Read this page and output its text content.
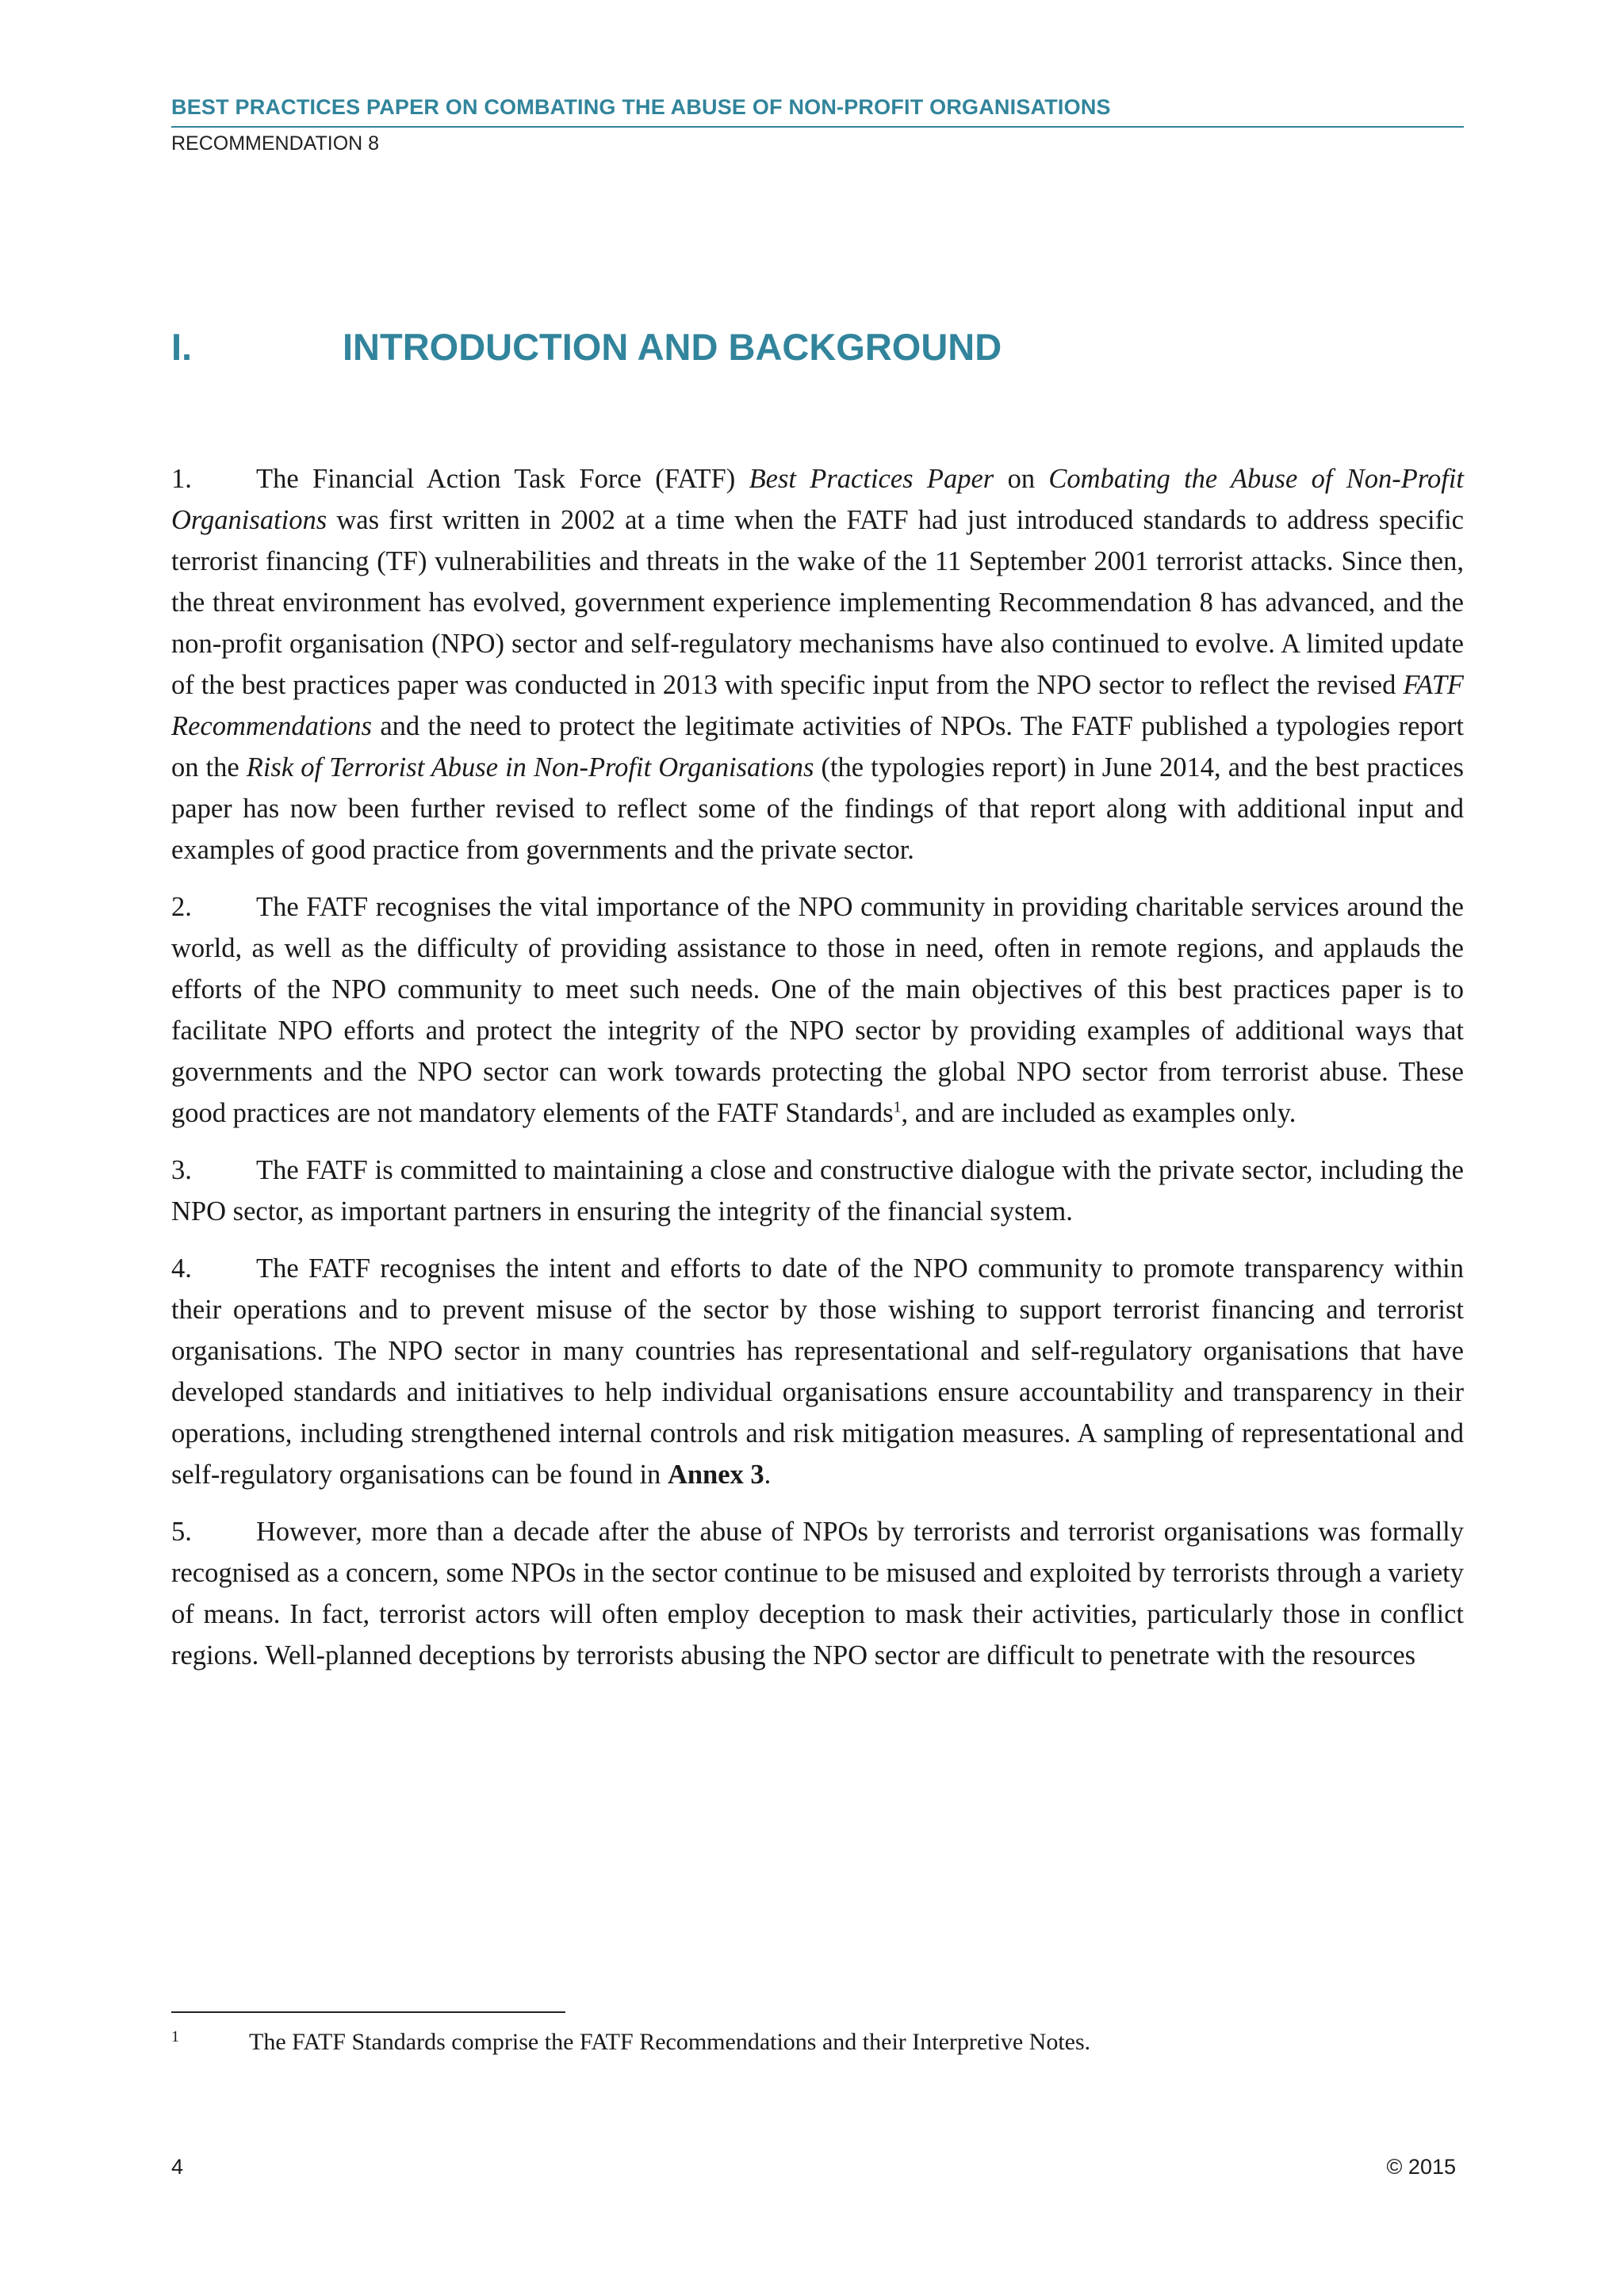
BEST PRACTICES PAPER ON COMBATING THE ABUSE OF NON-PROFIT ORGANISATIONS
RECOMMENDATION 8
I.	INTRODUCTION AND BACKGROUND

1. The Financial Action Task Force (FATF) Best Practices Paper on Combating the Abuse of Non-Profit Organisations was first written in 2002 at a time when the FATF had just introduced standards to address specific terrorist financing (TF) vulnerabilities and threats in the wake of the 11 September 2001 terrorist attacks. Since then, the threat environment has evolved, government experience implementing Recommendation 8 has advanced, and the non-profit organisation (NPO) sector and self-regulatory mechanisms have also continued to evolve. A limited update of the best practices paper was conducted in 2013 with specific input from the NPO sector to reflect the revised FATF Recommendations and the need to protect the legitimate activities of NPOs. The FATF published a typologies report on the Risk of Terrorist Abuse in Non-Profit Organisations (the typologies report) in June 2014, and the best practices paper has now been further revised to reflect some of the findings of that report along with additional input and examples of good practice from governments and the private sector.

2. The FATF recognises the vital importance of the NPO community in providing charitable services around the world, as well as the difficulty of providing assistance to those in need, often in remote regions, and applauds the efforts of the NPO community to meet such needs. One of the main objectives of this best practices paper is to facilitate NPO efforts and protect the integrity of the NPO sector by providing examples of additional ways that governments and the NPO sector can work towards protecting the global NPO sector from terrorist abuse. These good practices are not mandatory elements of the FATF Standards$^1$, and are included as examples only.

3. The FATF is committed to maintaining a close and constructive dialogue with the private sector, including the NPO sector, as important partners in ensuring the integrity of the financial system.

4. The FATF recognises the intent and efforts to date of the NPO community to promote transparency within their operations and to prevent misuse of the sector by those wishing to support terrorist financing and terrorist organisations. The NPO sector in many countries has representational and self-regulatory organisations that have developed standards and initiatives to help individual organisations ensure accountability and transparency in their operations, including strengthened internal controls and risk mitigation measures. A sampling of representational and self-regulatory organisations can be found in Annex 3.

5. However, more than a decade after the abuse of NPOs by terrorists and terrorist organisations was formally recognised as a concern, some NPOs in the sector continue to be misused and exploited by terrorists through a variety of means. In fact, terrorist actors will often employ deception to mask their activities, particularly those in conflict regions. Well-planned deceptions by terrorists abusing the NPO sector are difficult to penetrate with the resources

1	The FATF Standards comprise the FATF Recommendations and their Interpretive Notes.
4	© 2015
